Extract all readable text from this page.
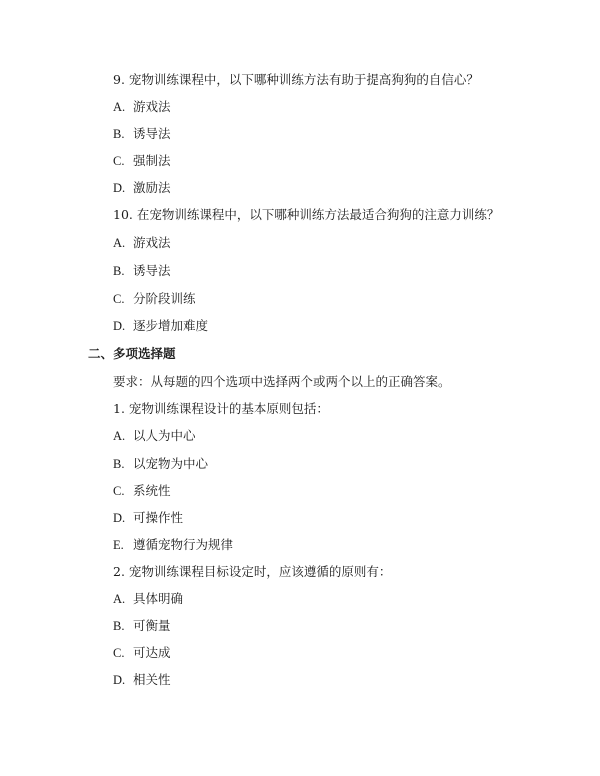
9. 宠物训练课程中，以下哪种训练方法有助于提高狗狗的自信心？
A. 游戏法
B. 诱导法
C. 强制法
D. 激励法
10. 在宠物训练课程中，以下哪种训练方法最适合狗狗的注意力训练？
A. 游戏法
B. 诱导法
C. 分阶段训练
D. 逐步增加难度
二、多项选择题
要求：从每题的四个选项中选择两个或两个以上的正确答案。
1. 宠物训练课程设计的基本原则包括：
A. 以人为中心
B. 以宠物为中心
C. 系统性
D. 可操作性
E. 遵循宠物行为规律
2. 宠物训练课程目标设定时，应该遵循的原则有：
A. 具体明确
B. 可衡量
C. 可达成
D. 相关性
